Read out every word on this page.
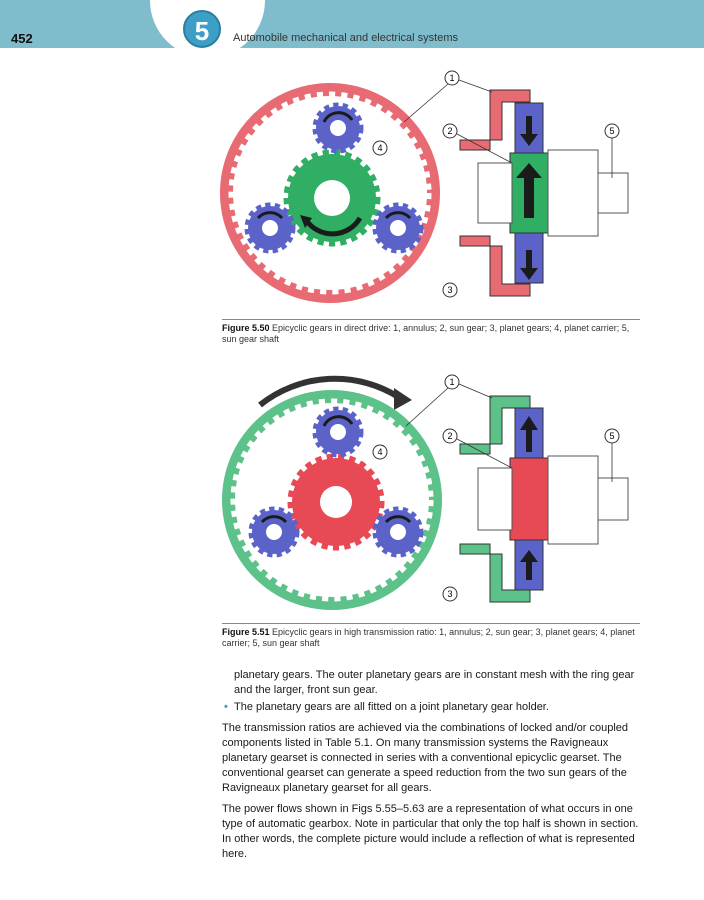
452	5	Automobile mechanical and electrical systems
1
2
3
4
5
Figure 5.50 Epicyclic gears in direct drive: 1, annulus; 2, sun gear; 3, planet gears; 4, planet carrier; 5, sun gear shaft
1
2
3
4
5
Figure 5.51 Epicyclic gears in high transmission ratio: 1, annulus; 2, sun gear; 3, planet gears; 4, planet carrier; 5, sun gear shaft

planetary gears. The outer planetary gears are in constant mesh with the ring gear and the larger, front sun gear.

• The planetary gears are all fitted on a joint planetary gear holder.

The transmission ratios are achieved via the combinations of locked and/or coupled components listed in Table 5.1. On many transmission systems the Ravigneaux planetary gearset is connected in series with a conventional epicyclic gearset. The conventional gearset can generate a speed reduction from the two sun gears of the Ravigneaux planetary gearset for all gears.

The power flows shown in Figs 5.55–5.63 are a representation of what occurs in one type of automatic gearbox. Note in particular that only the top half is shown in section. In other words, the complete picture would include a reflection of what is represented here.
